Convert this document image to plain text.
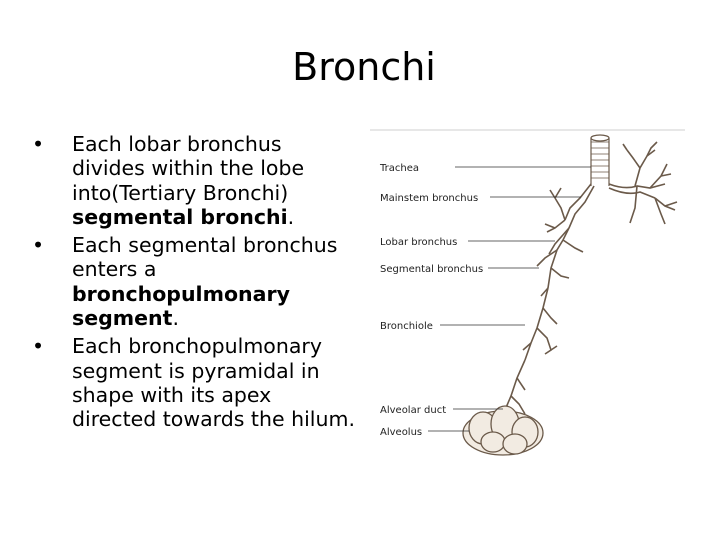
Bronchi
• Each lobar bronchus divides within the lobe into(Tertiary Bronchi) segmental bronchi.
• Each segmental bronchus enters a bronchopulmonary segment.
• Each bronchopulmonary segment is pyramidal in shape with its apex directed towards the hilum.
Trachea
Mainstem bronchus
Lobar bronchus
Segmental bronchus
Bronchiole
Alveolar duct
Alveolus
